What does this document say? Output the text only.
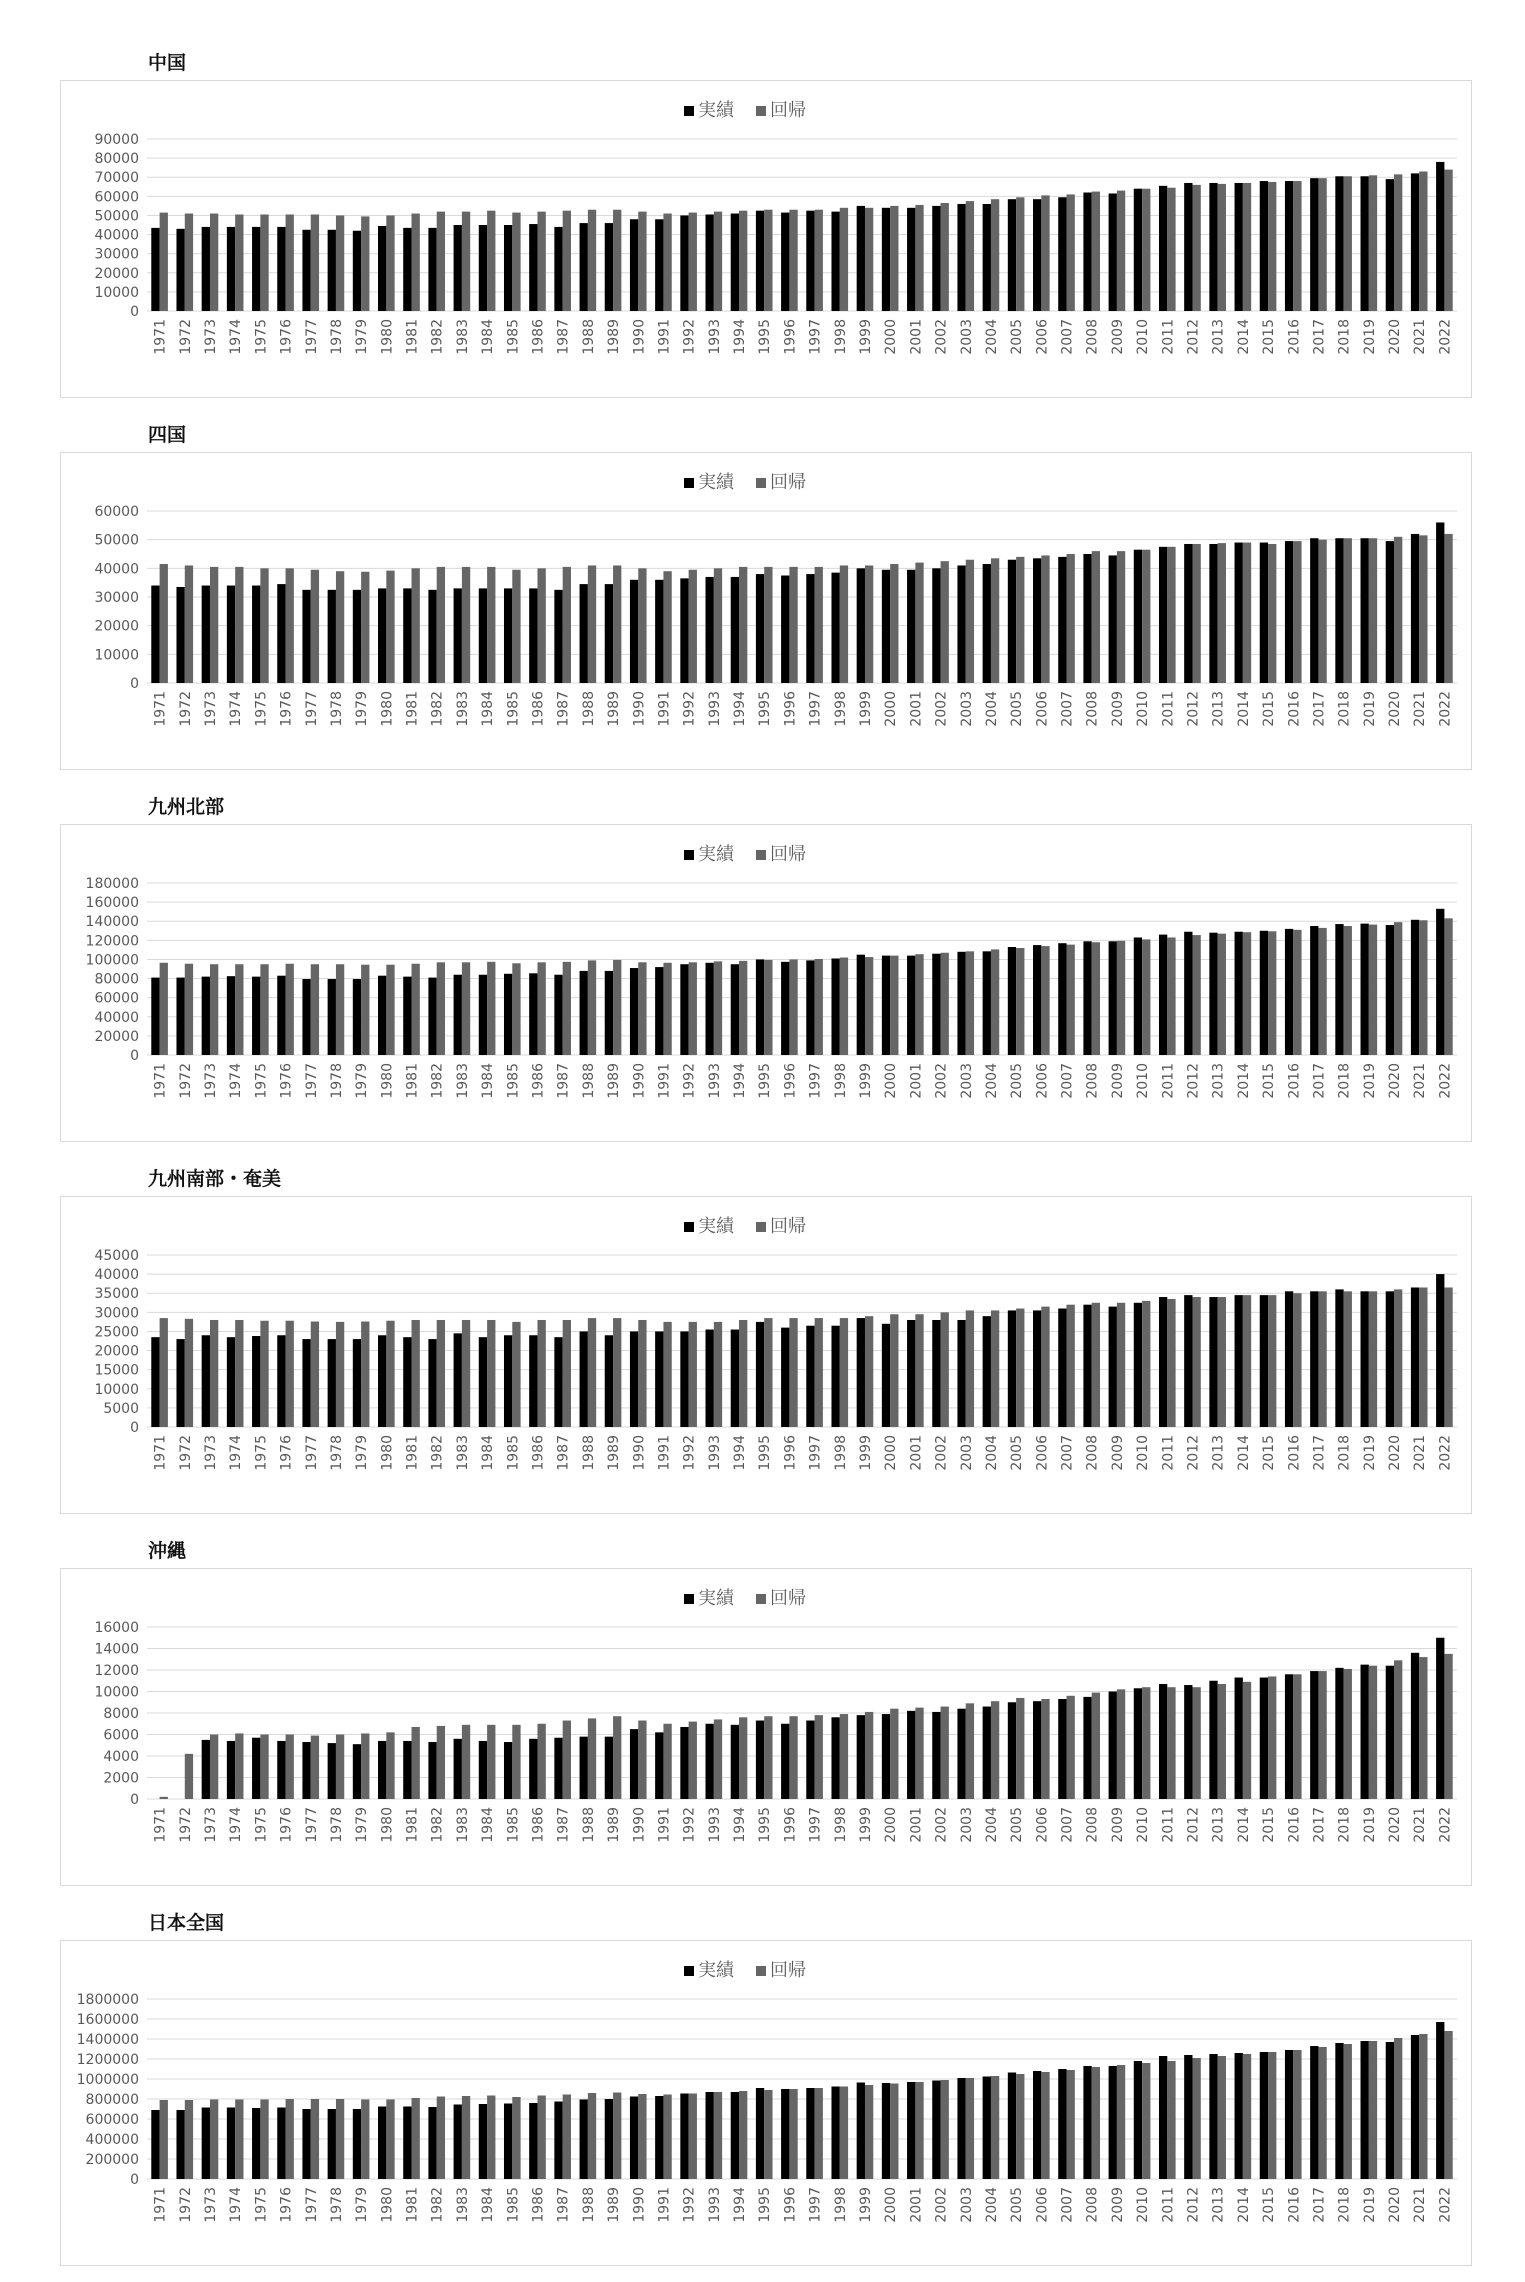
中国
実績 回帰
0
10000
20000
30000
40000
50000
60000
70000
80000
90000
1971 1972 1973 1974 1975 1976 1977 1978 1979 1980 1981 1982 1983 1984 1985 1986 1987 1988 1989 1990 1991 1992 1993 1994 1995 1996 1997 1998 1999 2000 2001 2002 2003 2004 2005 2006 2007 2008 2009 2010 2011 2012 2013 2014 2015 2016 2017 2018 2019 2020 2021 2022
四国
実績 回帰
0
10000
20000
30000
40000
50000
60000
1971 1972 1973 1974 1975 1976 1977 1978 1979 1980 1981 1982 1983 1984 1985 1986 1987 1988 1989 1990 1991 1992 1993 1994 1995 1996 1997 1998 1999 2000 2001 2002 2003 2004 2005 2006 2007 2008 2009 2010 2011 2012 2013 2014 2015 2016 2017 2018 2019 2020 2021 2022
九州北部
実績 回帰
0
20000
40000
60000
80000
100000
120000
140000
160000
180000
1971 1972 1973 1974 1975 1976 1977 1978 1979 1980 1981 1982 1983 1984 1985 1986 1987 1988 1989 1990 1991 1992 1993 1994 1995 1996 1997 1998 1999 2000 2001 2002 2003 2004 2005 2006 2007 2008 2009 2010 2011 2012 2013 2014 2015 2016 2017 2018 2019 2020 2021 2022
九州南部・奄美
実績 回帰
0
5000
10000
15000
20000
25000
30000
35000
40000
45000
1971 1972 1973 1974 1975 1976 1977 1978 1979 1980 1981 1982 1983 1984 1985 1986 1987 1988 1989 1990 1991 1992 1993 1994 1995 1996 1997 1998 1999 2000 2001 2002 2003 2004 2005 2006 2007 2008 2009 2010 2011 2012 2013 2014 2015 2016 2017 2018 2019 2020 2021 2022
沖縄
実績 回帰
0
2000
4000
6000
8000
10000
12000
14000
16000
1971 1972 1973 1974 1975 1976 1977 1978 1979 1980 1981 1982 1983 1984 1985 1986 1987 1988 1989 1990 1991 1992 1993 1994 1995 1996 1997 1998 1999 2000 2001 2002 2003 2004 2005 2006 2007 2008 2009 2010 2011 2012 2013 2014 2015 2016 2017 2018 2019 2020 2021 2022
日本全国
実績 回帰
0
200000
400000
600000
800000
1000000
1200000
1400000
1600000
1800000
1971 1972 1973 1974 1975 1976 1977 1978 1979 1980 1981 1982 1983 1984 1985 1986 1987 1988 1989 1990 1991 1992 1993 1994 1995 1996 1997 1998 1999 2000 2001 2002 2003 2004 2005 2006 2007 2008 2009 2010 2011 2012 2013 2014 2015 2016 2017 2018 2019 2020 2021 2022
